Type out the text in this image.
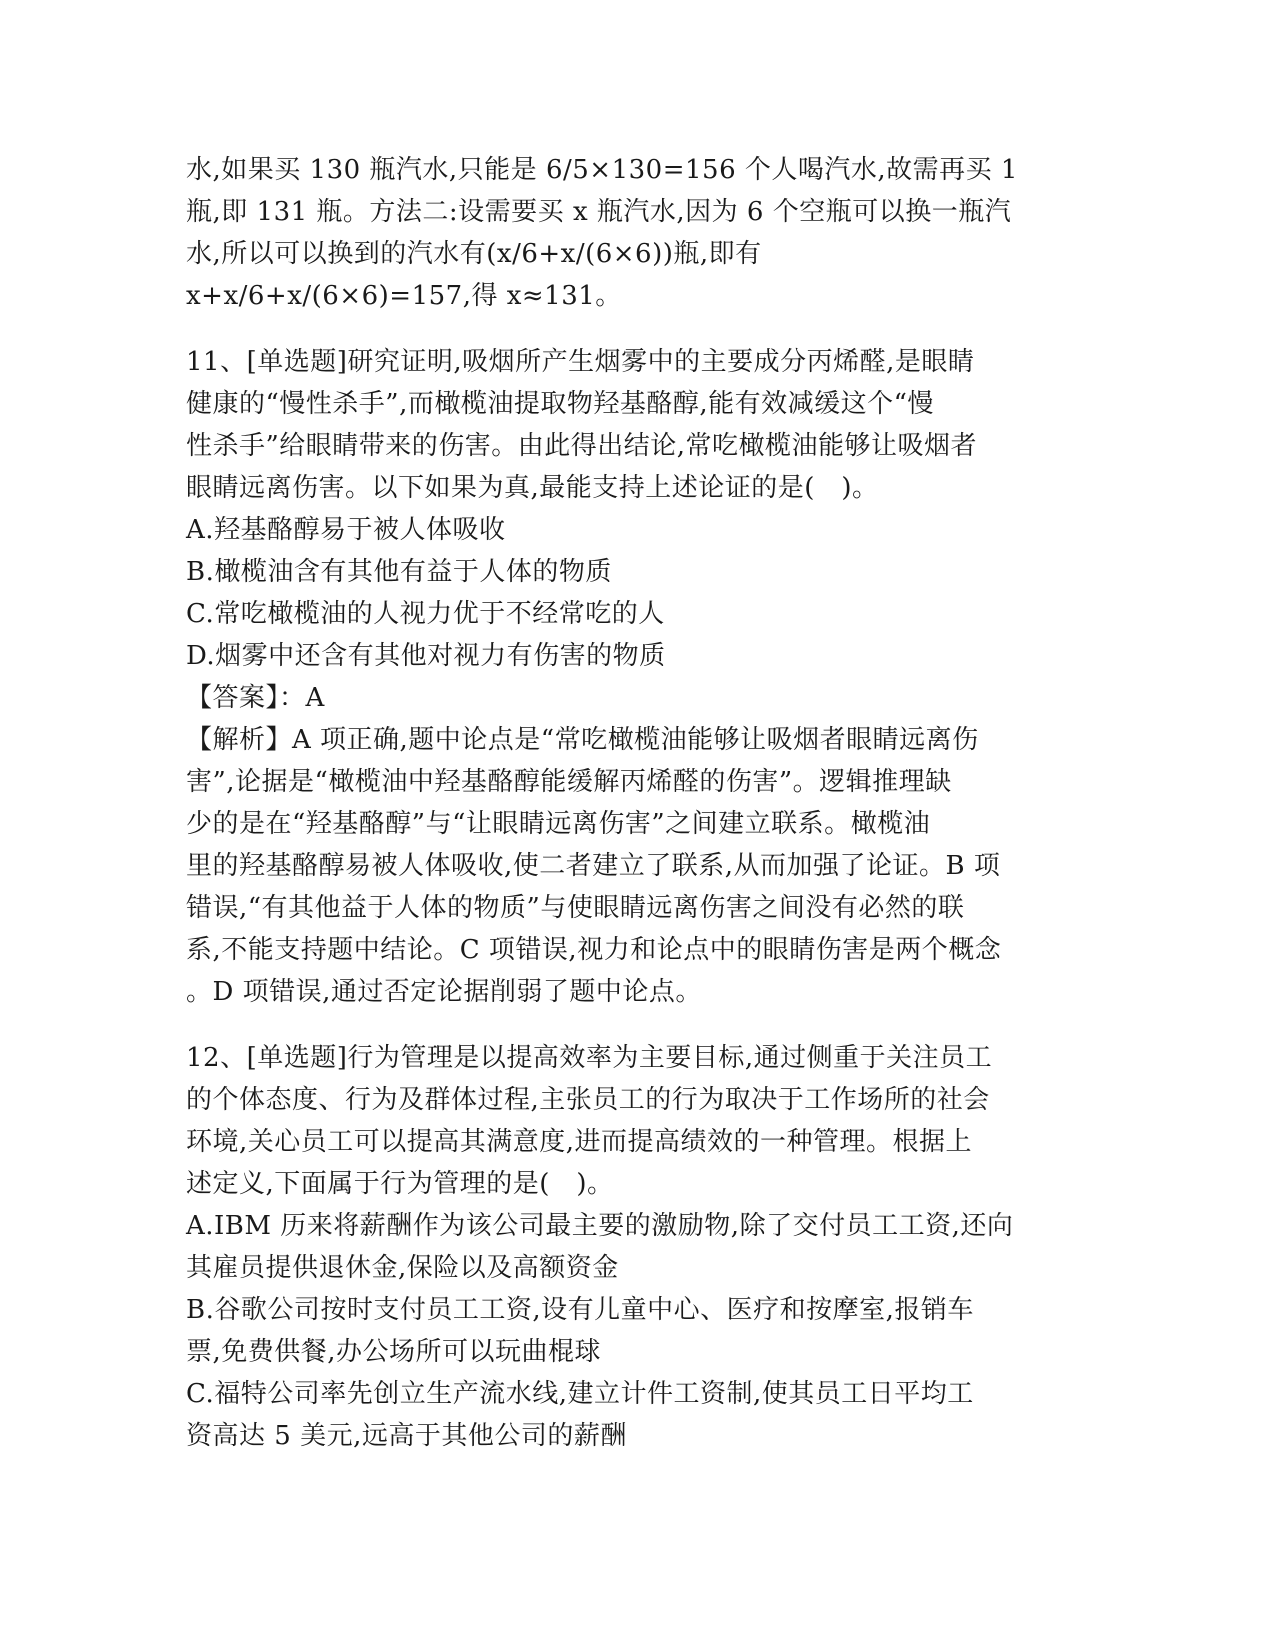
水,如果买 130 瓶汽水,只能是 6/5×130=156 个人喝汽水,故需再买 1
瓶,即 131 瓶。方法二:设需要买 x 瓶汽水,因为 6 个空瓶可以换一瓶汽
水,所以可以换到的汽水有(x/6+x/(6×6))瓶,即有
x+x/6+x/(6×6)=157,得 x≈131。
11、[单选题]研究证明,吸烟所产生烟雾中的主要成分丙烯醛,是眼睛
健康的“慢性杀手”,而橄榄油提取物羟基酪醇,能有效减缓这个“慢
性杀手”给眼睛带来的伤害。由此得出结论,常吃橄榄油能够让吸烟者
眼睛远离伤害。以下如果为真,最能支持上述论证的是(　)。
A.羟基酪醇易于被人体吸收
B.橄榄油含有其他有益于人体的物质
C.常吃橄榄油的人视力优于不经常吃的人
D.烟雾中还含有其他对视力有伤害的物质
【答案】：A
【解析】A 项正确,题中论点是“常吃橄榄油能够让吸烟者眼睛远离伤
害”,论据是“橄榄油中羟基酪醇能缓解丙烯醛的伤害”。逻辑推理缺
少的是在“羟基酪醇”与“让眼睛远离伤害”之间建立联系。橄榄油
里的羟基酪醇易被人体吸收,使二者建立了联系,从而加强了论证。B 项
错误,“有其他益于人体的物质”与使眼睛远离伤害之间没有必然的联
系,不能支持题中结论。C 项错误,视力和论点中的眼睛伤害是两个概念
。D 项错误,通过否定论据削弱了题中论点。
12、[单选题]行为管理是以提高效率为主要目标,通过侧重于关注员工
的个体态度、行为及群体过程,主张员工的行为取决于工作场所的社会
环境,关心员工可以提高其满意度,进而提高绩效的一种管理。根据上
述定义,下面属于行为管理的是(　)。
A.IBM 历来将薪酬作为该公司最主要的激励物,除了交付员工工资,还向
其雇员提供退休金,保险以及高额资金
B.谷歌公司按时支付员工工资,设有儿童中心、医疗和按摩室,报销车
票,免费供餐,办公场所可以玩曲棍球
C.福特公司率先创立生产流水线,建立计件工资制,使其员工日平均工
资高达 5 美元,远高于其他公司的薪酬
